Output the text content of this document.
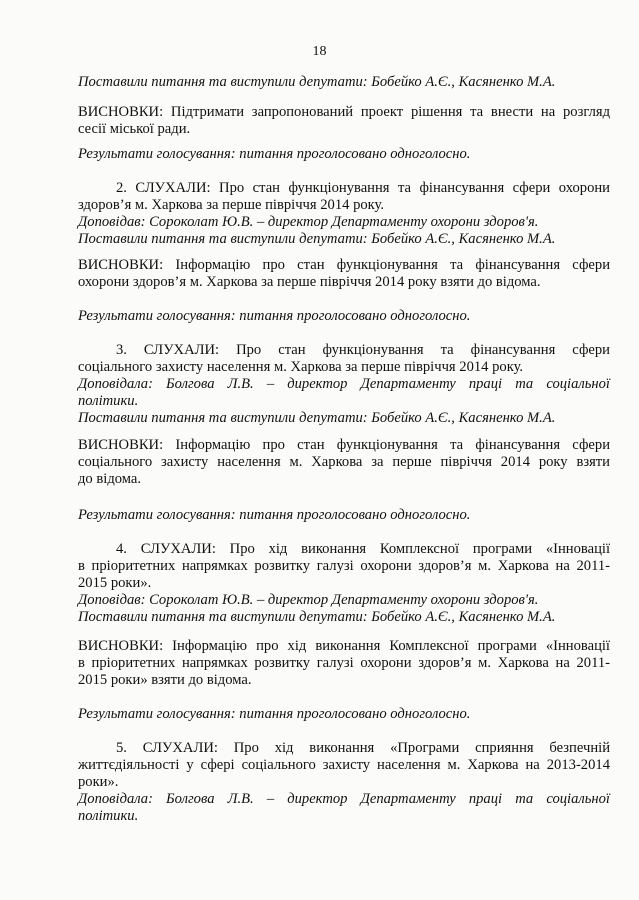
18
Поставили питання та виступили депутати: Бобейко А.Є., Касяненко М.А.
ВИСНОВКИ: Підтримати запропонований проект рішення та внести на розгляд
сесії міської ради.
Результати голосування: питання проголосовано одноголосно.
2. СЛУХАЛИ: Про стан функціонування та фінансування сфери охорони
здоров’я м. Харкова за перше півріччя 2014 року.
Доповідав: Сороколат Ю.В. – директор Департаменту охорони здоров'я.
Поставили питання та виступили депутати: Бобейко А.Є., Касяненко М.А.
ВИСНОВКИ: Інформацію про стан функціонування та фінансування сфери
охорони здоров’я м. Харкова за перше півріччя 2014 року взяти до відома.
Результати голосування: питання проголосовано одноголосно.
3. СЛУХАЛИ: Про стан функціонування та фінансування сфери
соціального захисту населення м. Харкова за перше півріччя 2014 року.
Доповідала: Болгова Л.В. – директор Департаменту праці та соціальної
політики.
Поставили питання та виступили депутати: Бобейко А.Є., Касяненко М.А.
ВИСНОВКИ: Інформацію про стан функціонування та фінансування сфери
соціального захисту населення м. Харкова за перше півріччя 2014 року взяти
до відома.
Результати голосування: питання проголосовано одноголосно.
4. СЛУХАЛИ: Про хід виконання Комплексної програми «Інновації
в пріоритетних напрямках розвитку галузі охорони здоров’я м. Харкова на 2011-
2015 роки».
Доповідав: Сороколат Ю.В. – директор Департаменту охорони здоров'я.
Поставили питання та виступили депутати: Бобейко А.Є., Касяненко М.А.
ВИСНОВКИ: Інформацію про хід виконання Комплексної програми «Інновації
в пріоритетних напрямках розвитку галузі охорони здоров’я м. Харкова на 2011-
2015 роки» взяти до відома.
Результати голосування: питання проголосовано одноголосно.
5. СЛУХАЛИ: Про хід виконання «Програми сприяння безпечній
життєдіяльності у сфері соціального захисту населення м. Харкова на 2013-2014
роки».
Доповідала: Болгова Л.В. – директор Департаменту праці та соціальної
політики.
